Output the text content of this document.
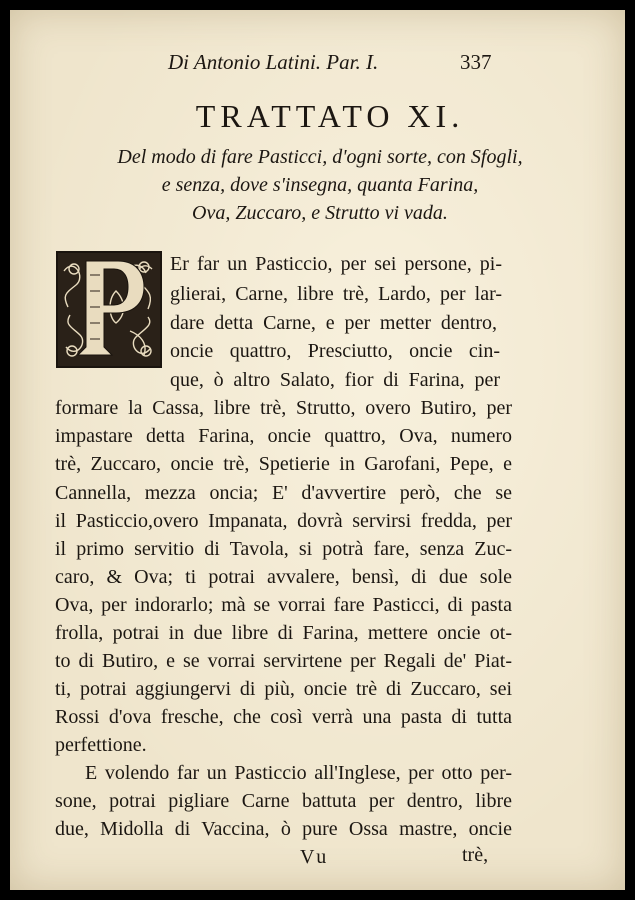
Di Antonio Latini. Par. I.	337
TRATTATO XI.
Del modo di fare Pasticci, d'ogni sorte, con Sfogli,
e senza, dove s'insegna, quanta Farina,
Ova, Zuccaro, e Strutto vi vada.
Er far un Pasticcio, per sei persone, pi-
glierai, Carne, libre trè, Lardo, per lar-
dare detta Carne, e per metter dentro,
oncie quattro, Presciutto, oncie cin-
que, ò altro Salato, fior di Farina, per
formare la Cassa, libre trè, Strutto, overo Butiro, per
impastare detta Farina, oncie quattro, Ova, numero
trè, Zuccaro, oncie trè, Spetierie in Garofani, Pepe, e
Cannella, mezza oncia; E' d'avvertire però, che se
il Pasticcio,overo Impanata, dovrà servirsi fredda, per
il primo servitio di Tavola, si potrà fare, senza Zuc-
caro, & Ova; ti potrai avvalere, bensì, di due sole
Ova, per indorarlo; mà se vorrai fare Pasticci, di pasta
frolla, potrai in due libre di Farina, mettere oncie ot-
to di Butiro, e se vorrai servirtene per Regali de' Piat-
ti, potrai aggiungervi di più, oncie trè di Zuccaro, sei
Rossi d'ova fresche, che così verrà una pasta di tutta
perfettione.
E volendo far un Pasticcio all'Inglese, per otto per-
sone, potrai pigliare Carne battuta per dentro, libre
due, Midolla di Vaccina, ò pure Ossa mastre, oncie
Vu	trè,
